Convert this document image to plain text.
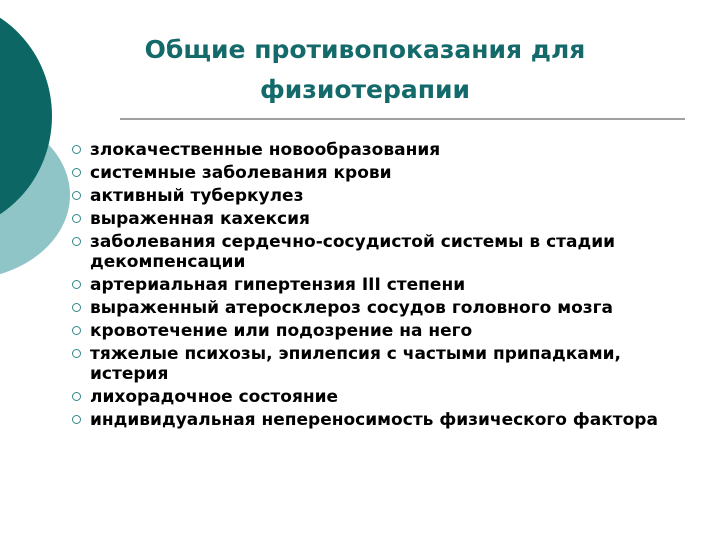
Общие противопоказания для физиотерапии
злокачественные новообразования
системные заболевания крови
активный туберкулез
выраженная кахексия
заболевания сердечно-сосудистой системы в стадии декомпенсации
артериальная гипертензия III степени
выраженный атеросклероз сосудов головного мозга
кровотечение или подозрение на него
тяжелые психозы, эпилепсия с частыми припадками, истерия
лихорадочное состояние
индивидуальная непереносимость физического фактора
